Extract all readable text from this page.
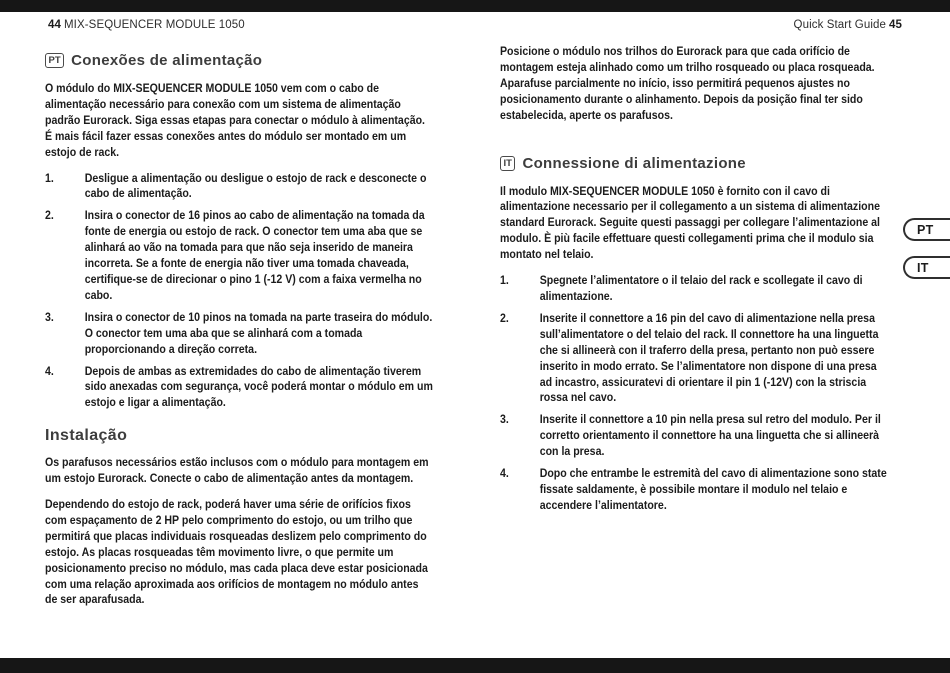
44 MIX-SEQUENCER MODULE 1050	Quick Start Guide 45
PT Conexões de alimentação

O módulo do MIX-SEQUENCER MODULE 1050 vem com o cabo de alimentação necessário para conexão com um sistema de alimentação padrão Eurorack. Siga essas etapas para conectar o módulo à alimentação. É mais fácil fazer essas conexões antes do módulo ser montado em um estojo de rack.

1.	Desligue a alimentação ou desligue o estojo de rack e desconecte o cabo de alimentação.
2.	Insira o conector de 16 pinos ao cabo de alimentação na tomada da fonte de energia ou estojo de rack. O conector tem uma aba que se alinhará ao vão na tomada para que não seja inserido de maneira incorreta. Se a fonte de energia não tiver uma tomada chaveada, certifique-se de direcionar o pino 1 (-12 V) com a faixa vermelha no cabo.
3.	Insira o conector de 10 pinos na tomada na parte traseira do módulo. O conector tem uma aba que se alinhará com a tomada proporcionando a direção correta.
4.	Depois de ambas as extremidades do cabo de alimentação tiverem sido anexadas com segurança, você poderá montar o módulo em um estojo e ligar a alimentação.
Instalação

Os parafusos necessários estão inclusos com o módulo para montagem em um estojo Eurorack. Conecte o cabo de alimentação antes da montagem.

Dependendo do estojo de rack, poderá haver uma série de orifícios fixos com espaçamento de 2 HP pelo comprimento do estojo, ou um trilho que permitirá que placas individuais rosqueadas deslizem pelo comprimento do estojo. As placas rosqueadas têm movimento livre, o que permite um posicionamento preciso no módulo, mas cada placa deve estar posicionada com uma relação aproximada aos orifícios de montagem no módulo antes de ser aparafusada.

Posicione o módulo nos trilhos do Eurorack para que cada orifício de montagem esteja alinhado como um trilho rosqueado ou placa rosqueada. Aparafuse parcialmente no início, isso permitirá pequenos ajustes no posicionamento durante o alinhamento. Depois da posição final ter sido estabelecida, aperte os parafusos.

IT Connessione di alimentazione

Il modulo MIX-SEQUENCER MODULE 1050 è fornito con il cavo di alimentazione necessario per il collegamento a un sistema di alimentazione standard Eurorack. Seguite questi passaggi per collegare l’alimentazione al modulo. È più facile effettuare questi collegamenti prima che il modulo sia montato nel telaio.

1.	Spegnete l’alimentatore o il telaio del rack e scollegate il cavo di alimentazione.
2.	Inserite il connettore a 16 pin del cavo di alimentazione nella presa sull’alimentatore o del telaio del rack. Il connettore ha una linguetta che si allineerà con il traferro della presa, pertanto non può essere inserito in modo errato. Se l’alimentatore non dispone di una presa ad incastro, assicuratevi di orientare il pin 1 (-12V) con la striscia rossa nel cavo.
3.	Inserite il connettore a 10 pin nella presa sul retro del modulo. Per il corretto orientamento il connettore ha una linguetta che si allineerà con la presa.
4.	Dopo che entrambe le estremità del cavo di alimentazione sono state fissate saldamente, è possibile montare il modulo nel telaio e accendere l’alimentatore.
PT
IT
